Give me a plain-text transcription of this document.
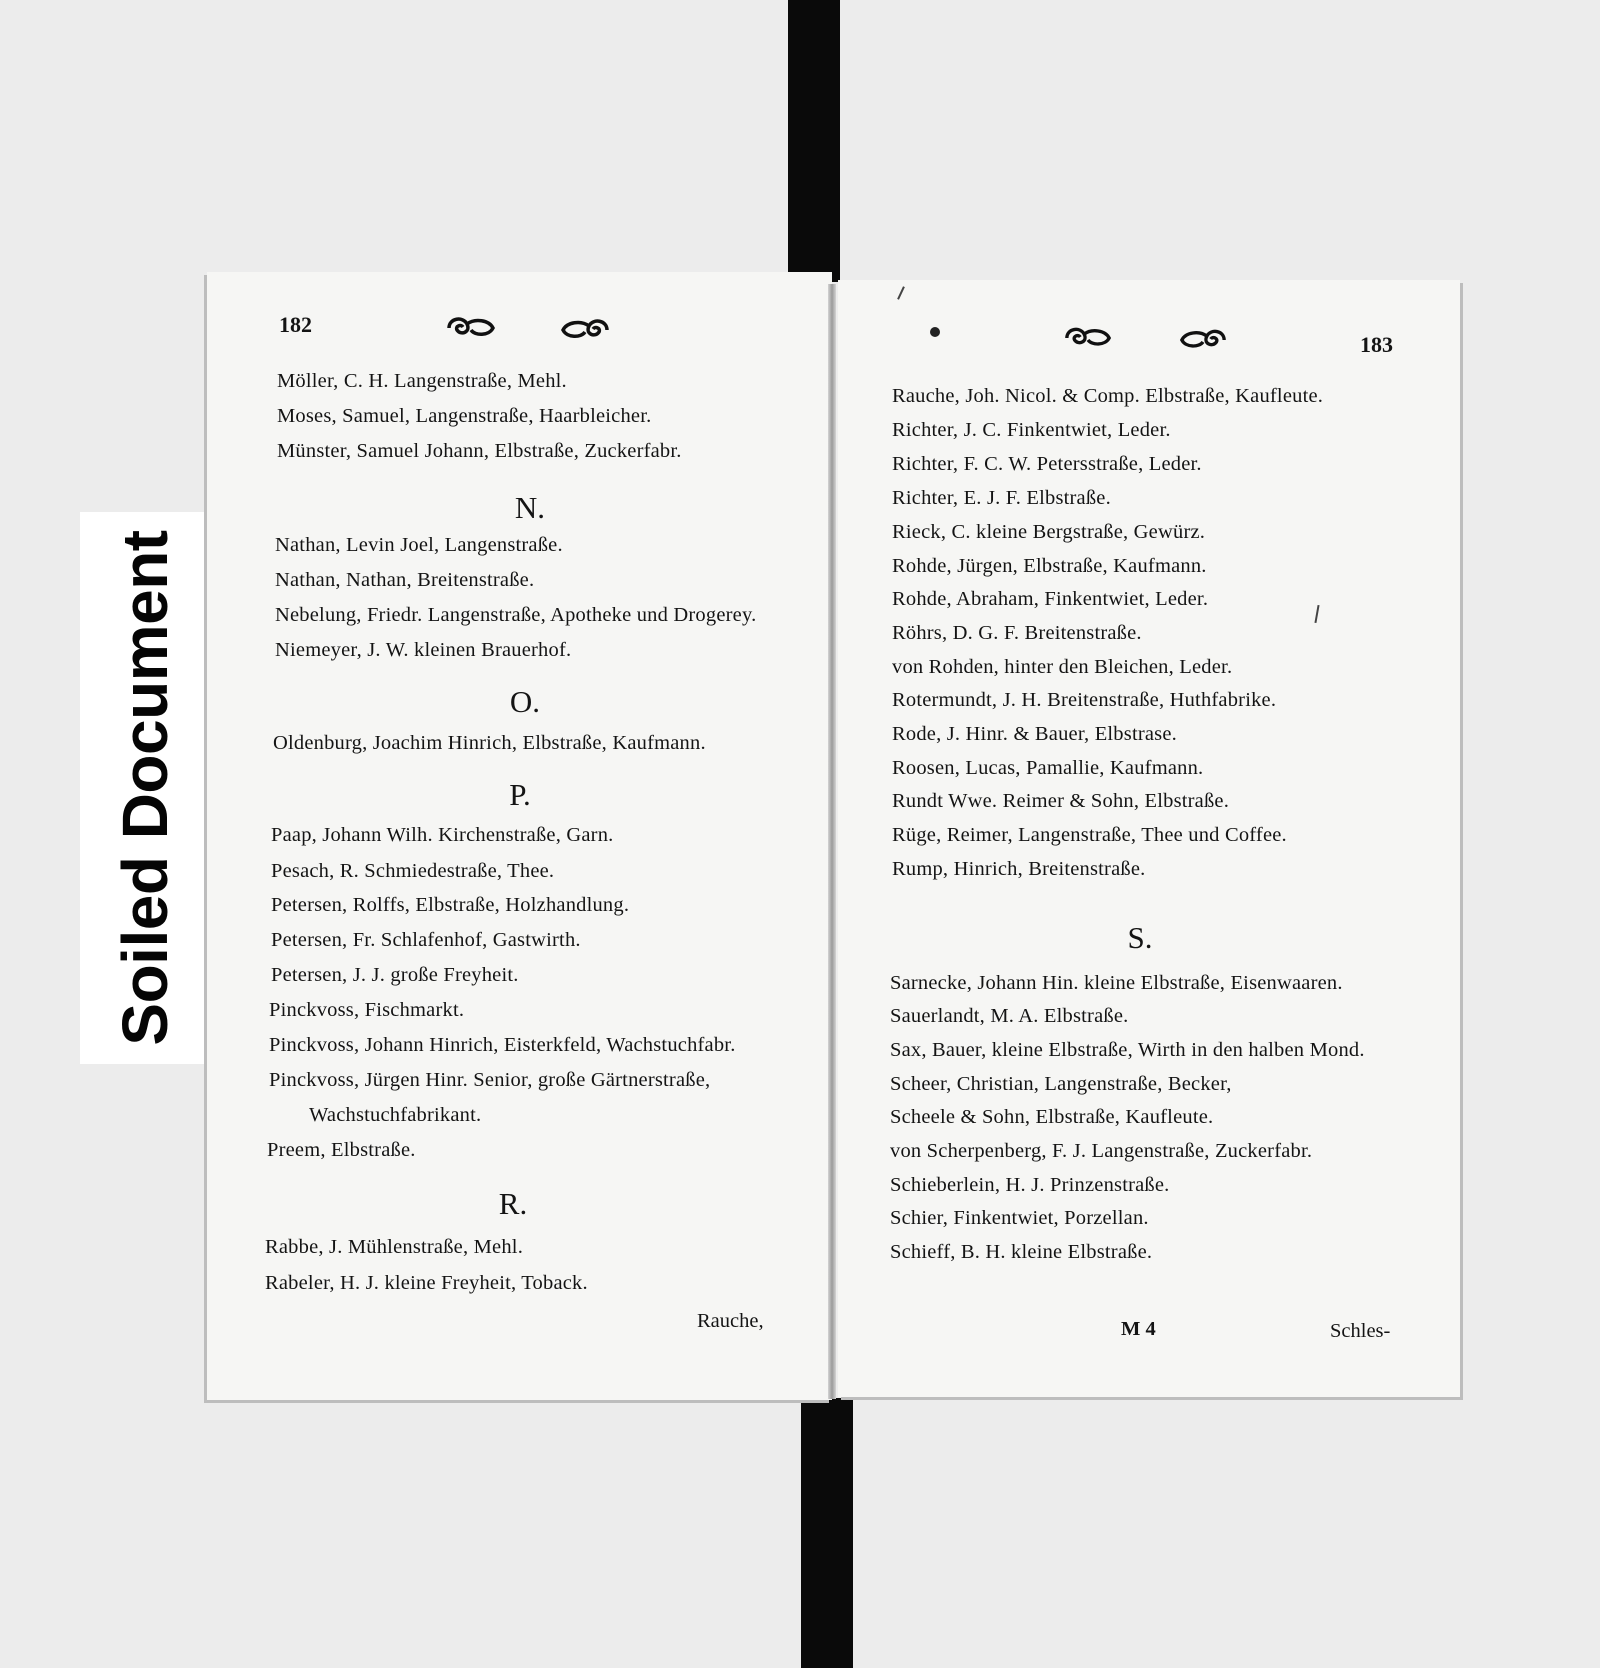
Soiled Document
182
Möller, C. H. Langenstraße, Mehl.
Moses, Samuel, Langenstraße, Haarbleicher.
Münster, Samuel Johann, Elbstraße, Zuckerfabr.
N.
Nathan, Levin Joel, Langenstraße.
Nathan, Nathan, Breitenstraße.
Nebelung, Friedr. Langenstraße, Apotheke und Drogerey.
Niemeyer, J. W. kleinen Brauerhof.
O.
Oldenburg, Joachim Hinrich, Elbstraße, Kaufmann.
P.
Paap, Johann Wilh. Kirchenstraße, Garn.
Pesach, R. Schmiedestraße, Thee.
Petersen, Rolffs, Elbstraße, Holzhandlung.
Petersen, Fr. Schlafenhof, Gastwirth.
Petersen, J. J. große Freyheit.
Pinckvoss, Fischmarkt.
Pinckvoss, Johann Hinrich, Eisterkfeld, Wachstuchfabr.
Pinckvoss, Jürgen Hinr. Senior, große Gärtnerstraße,
Wachstuchfabrikant.
Preem, Elbstraße.
R.
Rabbe, J. Mühlenstraße, Mehl.
Rabeler, H. J. kleine Freyheit, Toback.
Rauche,
183
Rauche, Joh. Nicol. & Comp. Elbstraße, Kaufleute.
Richter, J. C. Finkentwiet, Leder.
Richter, F. C. W. Petersstraße, Leder.
Richter, E. J. F. Elbstraße.
Rieck, C. kleine Bergstraße, Gewürz.
Rohde, Jürgen, Elbstraße, Kaufmann.
Rohde, Abraham, Finkentwiet, Leder.
Röhrs, D. G. F. Breitenstraße.
von Rohden, hinter den Bleichen, Leder.
Rotermundt, J. H. Breitenstraße, Huthfabrike.
Rode, J. Hinr. & Bauer, Elbstrase.
Roosen, Lucas, Pamallie, Kaufmann.
Rundt Wwe. Reimer & Sohn, Elbstraße.
Rüge, Reimer, Langenstraße, Thee und Coffee.
Rump, Hinrich, Breitenstraße.
S.
Sarnecke, Johann Hin. kleine Elbstraße, Eisenwaaren.
Sauerlandt, M. A. Elbstraße.
Sax, Bauer, kleine Elbstraße, Wirth in den halben Mond.
Scheer, Christian, Langenstraße, Becker,
Scheele & Sohn, Elbstraße, Kaufleute.
von Scherpenberg, F. J. Langenstraße, Zuckerfabr.
Schieberlein, H. J. Prinzenstraße.
Schier, Finkentwiet, Porzellan.
Schieff, B. H. kleine Elbstraße.
M 4	Schles-
